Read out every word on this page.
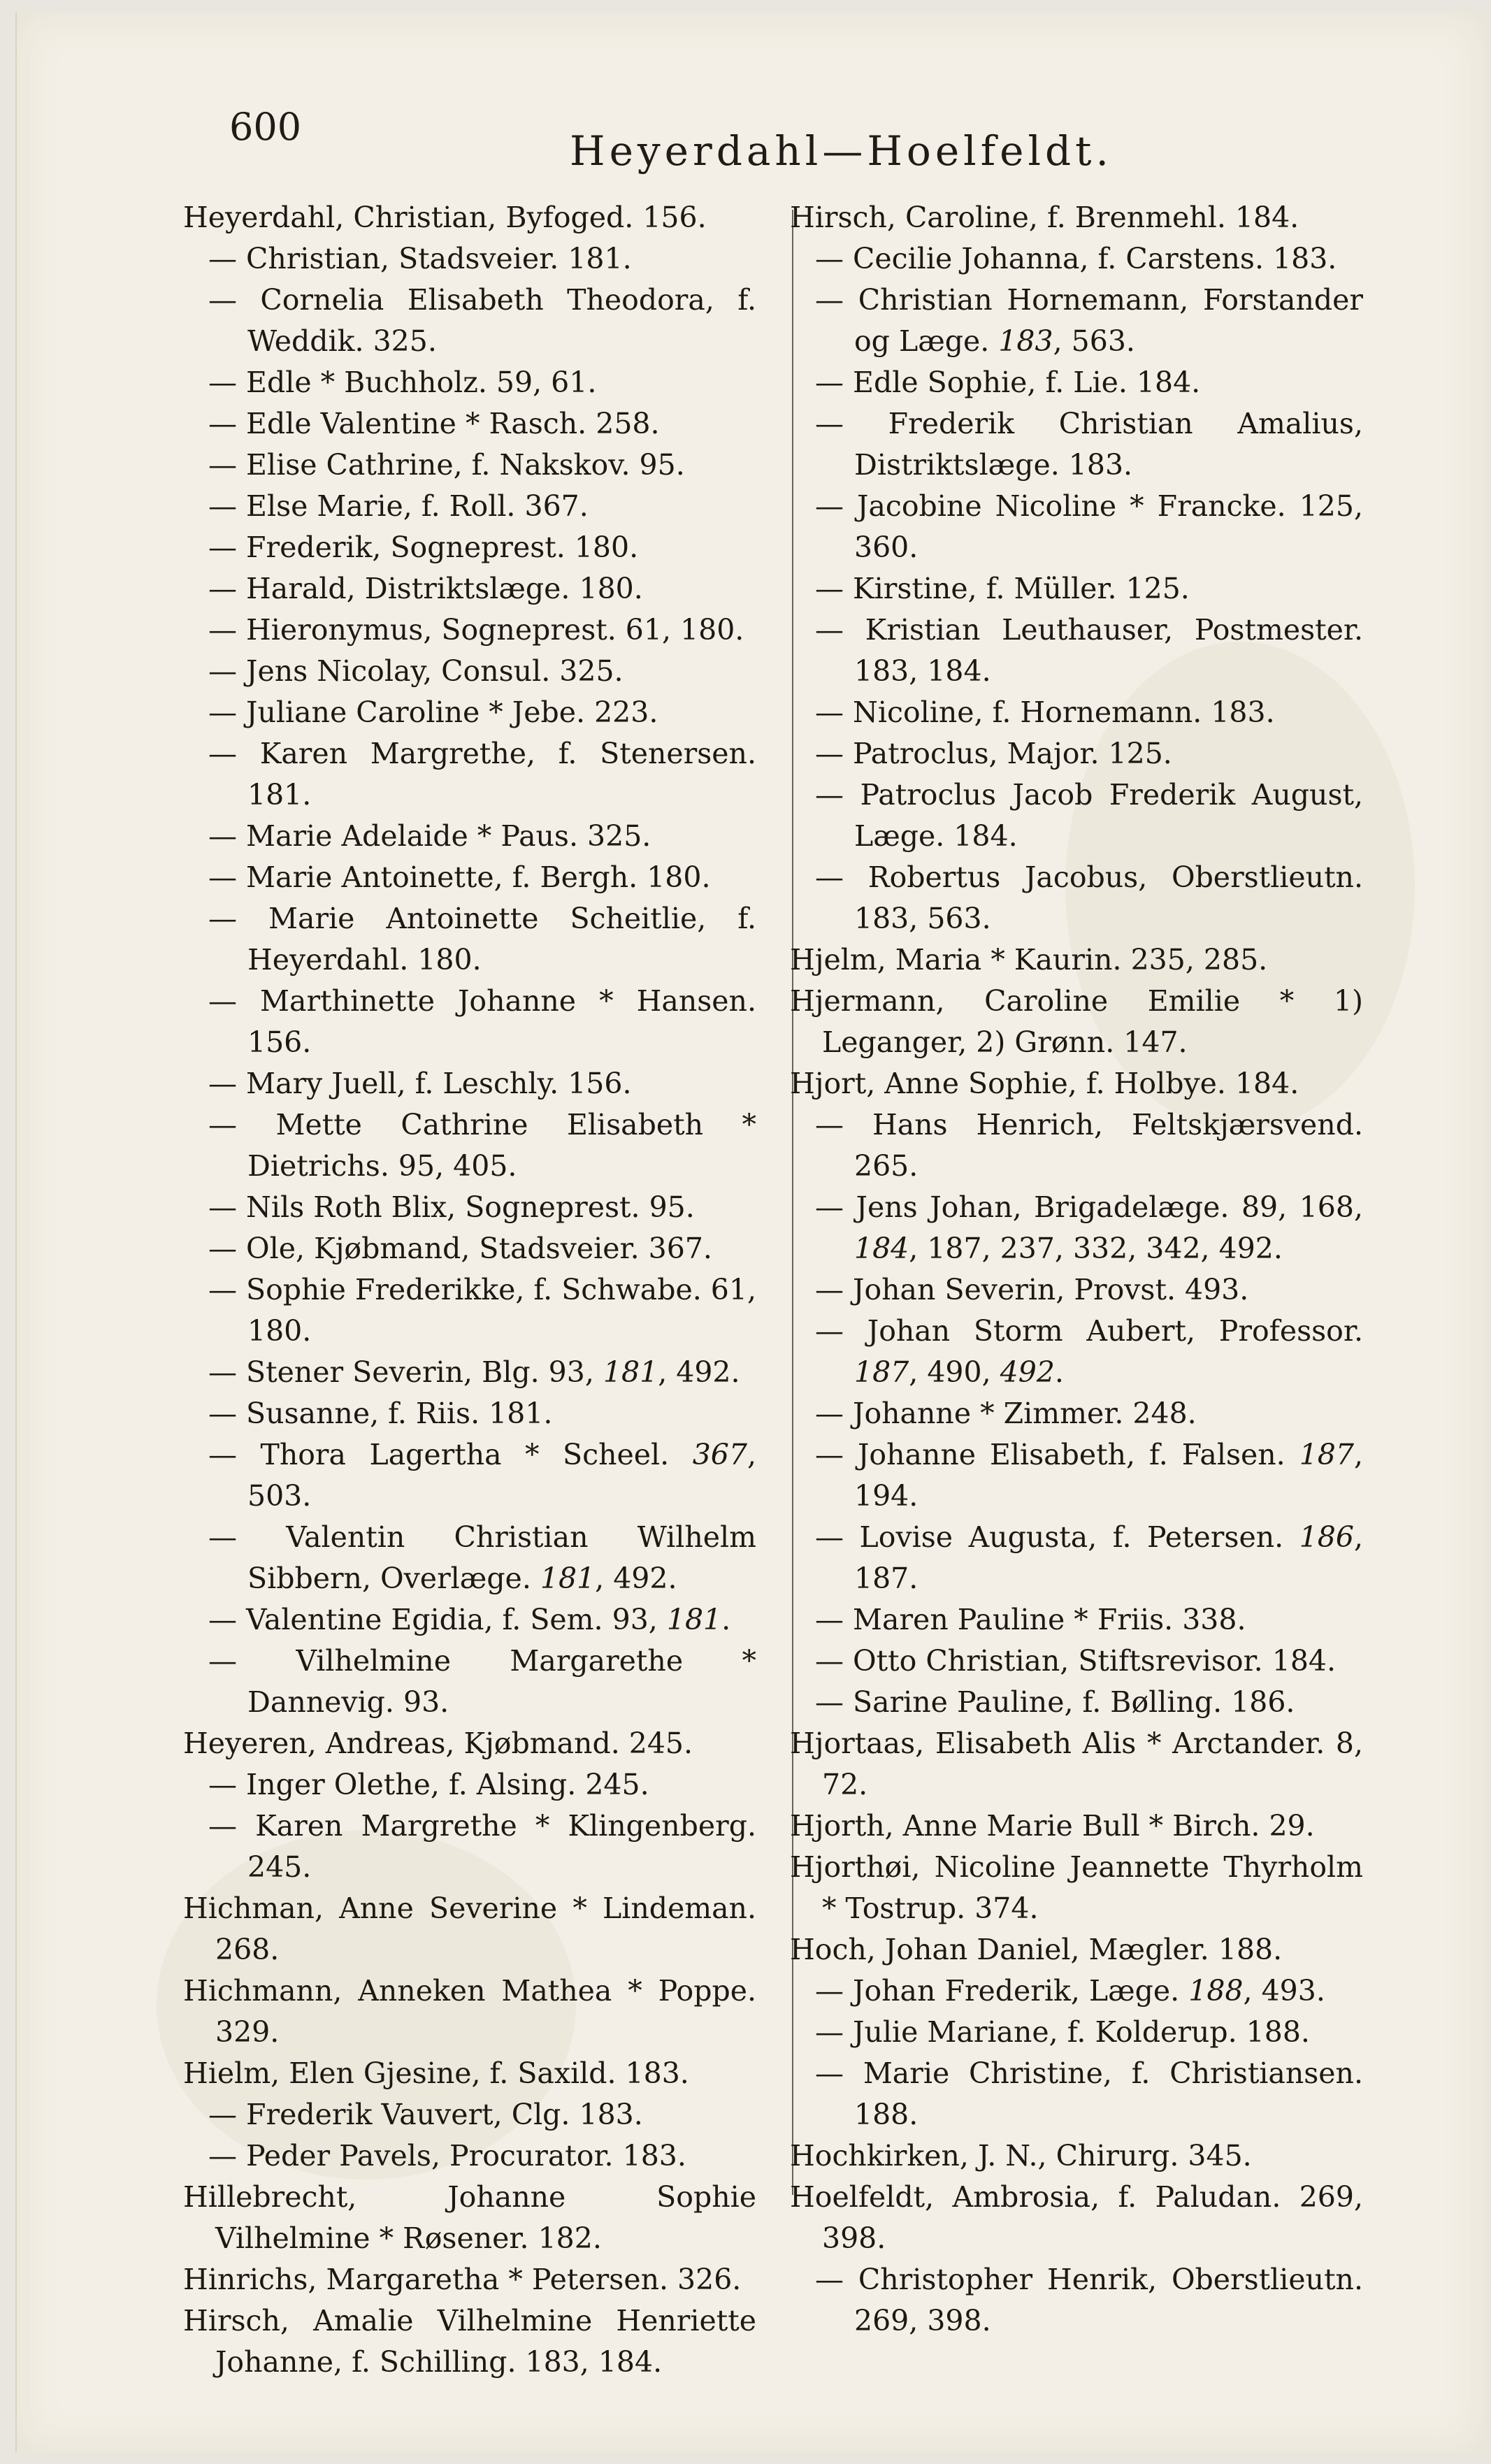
600
Heyerdahl—Hoelfeldt.

Heyerdahl, Christian, Byfoged. 156.

— Christian, Stadsveier. 181.

— Cornelia Elisabeth Theodora, f. Weddik. 325.

— Edle * Buchholz. 59, 61.

— Edle Valentine * Rasch. 258.

— Elise Cathrine, f. Nakskov. 95.

— Else Marie, f. Roll. 367.

— Frederik, Sogneprest. 180.

— Harald, Distriktslæge. 180.

— Hieronymus, Sogneprest. 61, 180.

— Jens Nicolay, Consul. 325.

— Juliane Caroline * Jebe. 223.

— Karen Margrethe, f. Stenersen. 181.

— Marie Adelaide * Paus. 325.

— Marie Antoinette, f. Bergh. 180.

— Marie Antoinette Scheitlie, f. Heyerdahl. 180.

— Marthinette Johanne * Hansen. 156.

— Mary Juell, f. Leschly. 156.

— Mette Cathrine Elisabeth * Dietrichs. 95, 405.

— Nils Roth Blix, Sogneprest. 95.

— Ole, Kjøbmand, Stadsveier. 367.

— Sophie Frederikke, f. Schwabe. 61, 180.

— Stener Severin, Blg. 93, 181, 492.

— Susanne, f. Riis. 181.

— Thora Lagertha * Scheel. 367, 503.

— Valentin Christian Wilhelm Sibbern, Overlæge. 181, 492.

— Valentine Egidia, f. Sem. 93, 181.

— Vilhelmine Margarethe * Dannevig. 93.

Heyeren, Andreas, Kjøbmand. 245.

— Inger Olethe, f. Alsing. 245.

— Karen Margrethe * Klingenberg. 245.

Hichman, Anne Severine * Lindeman. 268.

Hichmann, Anneken Mathea * Poppe. 329.

Hielm, Elen Gjesine, f. Saxild. 183.

— Frederik Vauvert, Clg. 183.

— Peder Pavels, Procurator. 183.

Hillebrecht, Johanne Sophie Vilhelmine * Røsener. 182.

Hinrichs, Margaretha * Petersen. 326.

Hirsch, Amalie Vilhelmine Henriette Johanne, f. Schilling. 183, 184.

Hirsch, Caroline, f. Brenmehl. 184.

— Cecilie Johanna, f. Carstens. 183.

— Christian Hornemann, Forstander og Læge. 183, 563.

— Edle Sophie, f. Lie. 184.

— Frederik Christian Amalius, Distriktslæge. 183.

— Jacobine Nicoline * Francke. 125, 360.

— Kirstine, f. Müller. 125.

— Kristian Leuthauser, Postmester. 183, 184.

— Nicoline, f. Hornemann. 183.

— Patroclus, Major. 125.

— Patroclus Jacob Frederik August, Læge. 184.

— Robertus Jacobus, Oberstlieutn. 183, 563.

Hjelm, Maria * Kaurin. 235, 285.

Hjermann, Caroline Emilie * 1) Leganger, 2) Grønn. 147.

Hjort, Anne Sophie, f. Holbye. 184.

— Hans Henrich, Feltskjærsvend. 265.

— Jens Johan, Brigadelæge. 89, 168, 184, 187, 237, 332, 342, 492.

— Johan Severin, Provst. 493.

— Johan Storm Aubert, Professor. 187, 490, 492.

— Johanne * Zimmer. 248.

— Johanne Elisabeth, f. Falsen. 187, 194.

— Lovise Augusta, f. Petersen. 186, 187.

— Maren Pauline * Friis. 338.

— Otto Christian, Stiftsrevisor. 184.

— Sarine Pauline, f. Bølling. 186.

Hjortaas, Elisabeth Alis * Arctander. 8, 72.

Hjorth, Anne Marie Bull * Birch. 29.

Hjorthøi, Nicoline Jeannette Thyrholm * Tostrup. 374.

Hoch, Johan Daniel, Mægler. 188.

— Johan Frederik, Læge. 188, 493.

— Julie Mariane, f. Kolderup. 188.

— Marie Christine, f. Christiansen. 188.

Hochkirken, J. N., Chirurg. 345.

Hoelfeldt, Ambrosia, f. Paludan. 269, 398.

— Christopher Henrik, Oberstlieutn. 269, 398.
